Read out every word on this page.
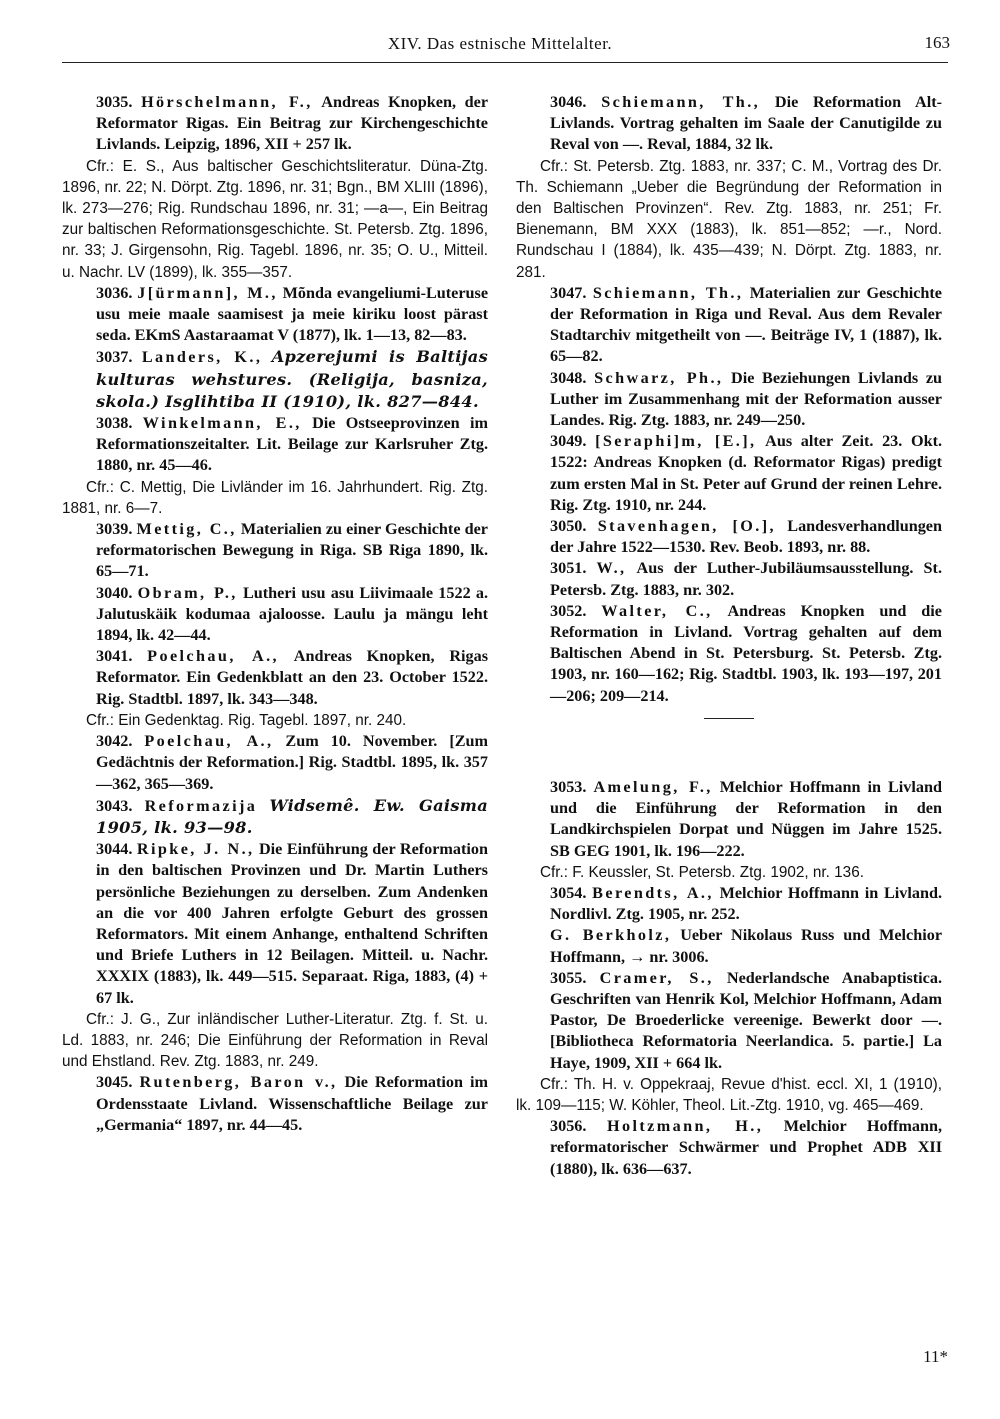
XIV. Das estnische Mittelalter.	163

3035. Hörschelmann, F., Andreas Knopken, der Reformator Rigas. Ein Beitrag zur Kirchengeschichte Livlands. Leipzig, 1896, XII + 257 lk.

Cfr.: E. S., Aus baltischer Geschichtsliteratur. Düna-Ztg. 1896, nr. 22; N. Dörpt. Ztg. 1896, nr. 31; Bgn., BM XLIII (1896), lk. 273—276; Rig. Rundschau 1896, nr. 31; —a—, Ein Beitrag zur baltischen Reformationsgeschichte. St. Petersb. Ztg. 1896, nr. 33; J. Girgensohn, Rig. Tagebl. 1896, nr. 35; O. U., Mitteil. u. Nachr. LV (1899), lk. 355—357.

3036. J[ürmann], M., Mõnda evangeliumi-Luteruse usu meie maale saamisest ja meie kiriku loost pärast seda. EKmS Aastaraamat V (1877), lk. 1—13, 82—83.

3037. Landers, K., Apzerejumi is Baltijas kulturas wehstures. (Religija, basniza, skola.) Isglihtiba II (1910), lk. 827—844.

3038. Winkelmann, E., Die Ostseeprovinzen im Reformationszeitalter. Lit. Beilage zur Karlsruher Ztg. 1880, nr. 45—46.

Cfr.: C. Mettig, Die Livländer im 16. Jahrhundert. Rig. Ztg. 1881, nr. 6—7.

3039. Mettig, C., Materialien zu einer Geschichte der reformatorischen Bewegung in Riga. SB Riga 1890, lk. 65—71.

3040. Obram, P., Lutheri usu asu Liivimaale 1522 a. Jalutuskäik kodumaa ajaloosse. Laulu ja mängu leht 1894, lk. 42—44.

3041. Poelchau, A., Andreas Knopken, Rigas Reformator. Ein Gedenkblatt an den 23. October 1522. Rig. Stadtbl. 1897, lk. 343—348.

Cfr.: Ein Gedenktag. Rig. Tagebl. 1897, nr. 240.

3042. Poelchau, A., Zum 10. November. [Zum Gedächtnis der Reformation.] Rig. Stadtbl. 1895, lk. 357—362, 365—369.

3043. Reformazija Widsemê. Ew. Gaisma 1905, lk. 93—98.

3044. Ripke, J. N., Die Einführung der Reformation in den baltischen Provinzen und Dr. Martin Luthers persönliche Beziehungen zu derselben. Zum Andenken an die vor 400 Jahren erfolgte Geburt des grossen Reformators. Mit einem Anhange, enthaltend Schriften und Briefe Luthers in 12 Beilagen. Mitteil. u. Nachr. XXXIX (1883), lk. 449—515. Separaat. Riga, 1883, (4) + 67 lk.

Cfr.: J. G., Zur inländischer Luther-Literatur. Ztg. f. St. u. Ld. 1883, nr. 246; Die Einführung der Reformation in Reval und Ehstland. Rev. Ztg. 1883, nr. 249.

3045. Rutenberg, Baron v., Die Reformation im Ordensstaate Livland. Wissenschaftliche Beilage zur „Germania“ 1897, nr. 44—45.

3046. Schiemann, Th., Die Reformation Alt-Livlands. Vortrag gehalten im Saale der Canutigilde zu Reval von —. Reval, 1884, 32 lk.

Cfr.: St. Petersb. Ztg. 1883, nr. 337; C. M., Vortrag des Dr. Th. Schiemann „Ueber die Begründung der Reformation in den Baltischen Provinzen“. Rev. Ztg. 1883, nr. 251; Fr. Bienemann, BM XXX (1883), lk. 851—852; —r., Nord. Rundschau I (1884), lk. 435—439; N. Dörpt. Ztg. 1883, nr. 281.

3047. Schiemann, Th., Materialien zur Geschichte der Reformation in Riga und Reval. Aus dem Revaler Stadtarchiv mitgetheilt von —. Beiträge IV, 1 (1887), lk. 65—82.

3048. Schwarz, Ph., Die Beziehungen Livlands zu Luther im Zusammenhang mit der Reformation ausser Landes. Rig. Ztg. 1883, nr. 249—250.

3049. [Seraphi]m, [E.], Aus alter Zeit. 23. Okt. 1522: Andreas Knopken (d. Reformator Rigas) predigt zum ersten Mal in St. Peter auf Grund der reinen Lehre. Rig. Ztg. 1910, nr. 244.

3050. Stavenhagen, [O.], Landesverhandlungen der Jahre 1522—1530. Rev. Beob. 1893, nr. 88.

3051. W., Aus der Luther-Jubiläumsausstellung. St. Petersb. Ztg. 1883, nr. 302.

3052. Walter, C., Andreas Knopken und die Reformation in Livland. Vortrag gehalten auf dem Baltischen Abend in St. Petersburg. St. Petersb. Ztg. 1903, nr. 160—162; Rig. Stadtbl. 1903, lk. 193—197, 201—206; 209—214.

3053. Amelung, F., Melchior Hoffmann in Livland und die Einführung der Reformation in den Landkirchspielen Dorpat und Nüggen im Jahre 1525. SB GEG 1901, lk. 196—222.

Cfr.: F. Keussler, St. Petersb. Ztg. 1902, nr. 136.

3054. Berendts, A., Melchior Hoffmann in Livland. Nordlivl. Ztg. 1905, nr. 252.

G. Berkholz, Ueber Nikolaus Russ und Melchior Hoffmann, → nr. 3006.

3055. Cramer, S., Nederlandsche Anabaptistica. Geschriften van Henrik Kol, Melchior Hoffmann, Adam Pastor, De Broederlicke vereenige. Bewerkt door —. [Bibliotheca Reformatoria Neerlandica. 5. partie.] La Haye, 1909, XII + 664 lk.

Cfr.: Th. H. v. Oppekraaj, Revue d'hist. eccl. XI, 1 (1910), lk. 109—115; W. Köhler, Theol. Lit.-Ztg. 1910, vg. 465—469.

3056. Holtzmann, H., Melchior Hoffmann, reformatorischer Schwärmer und Prophet ADB XII (1880), lk. 636—637.

11*
